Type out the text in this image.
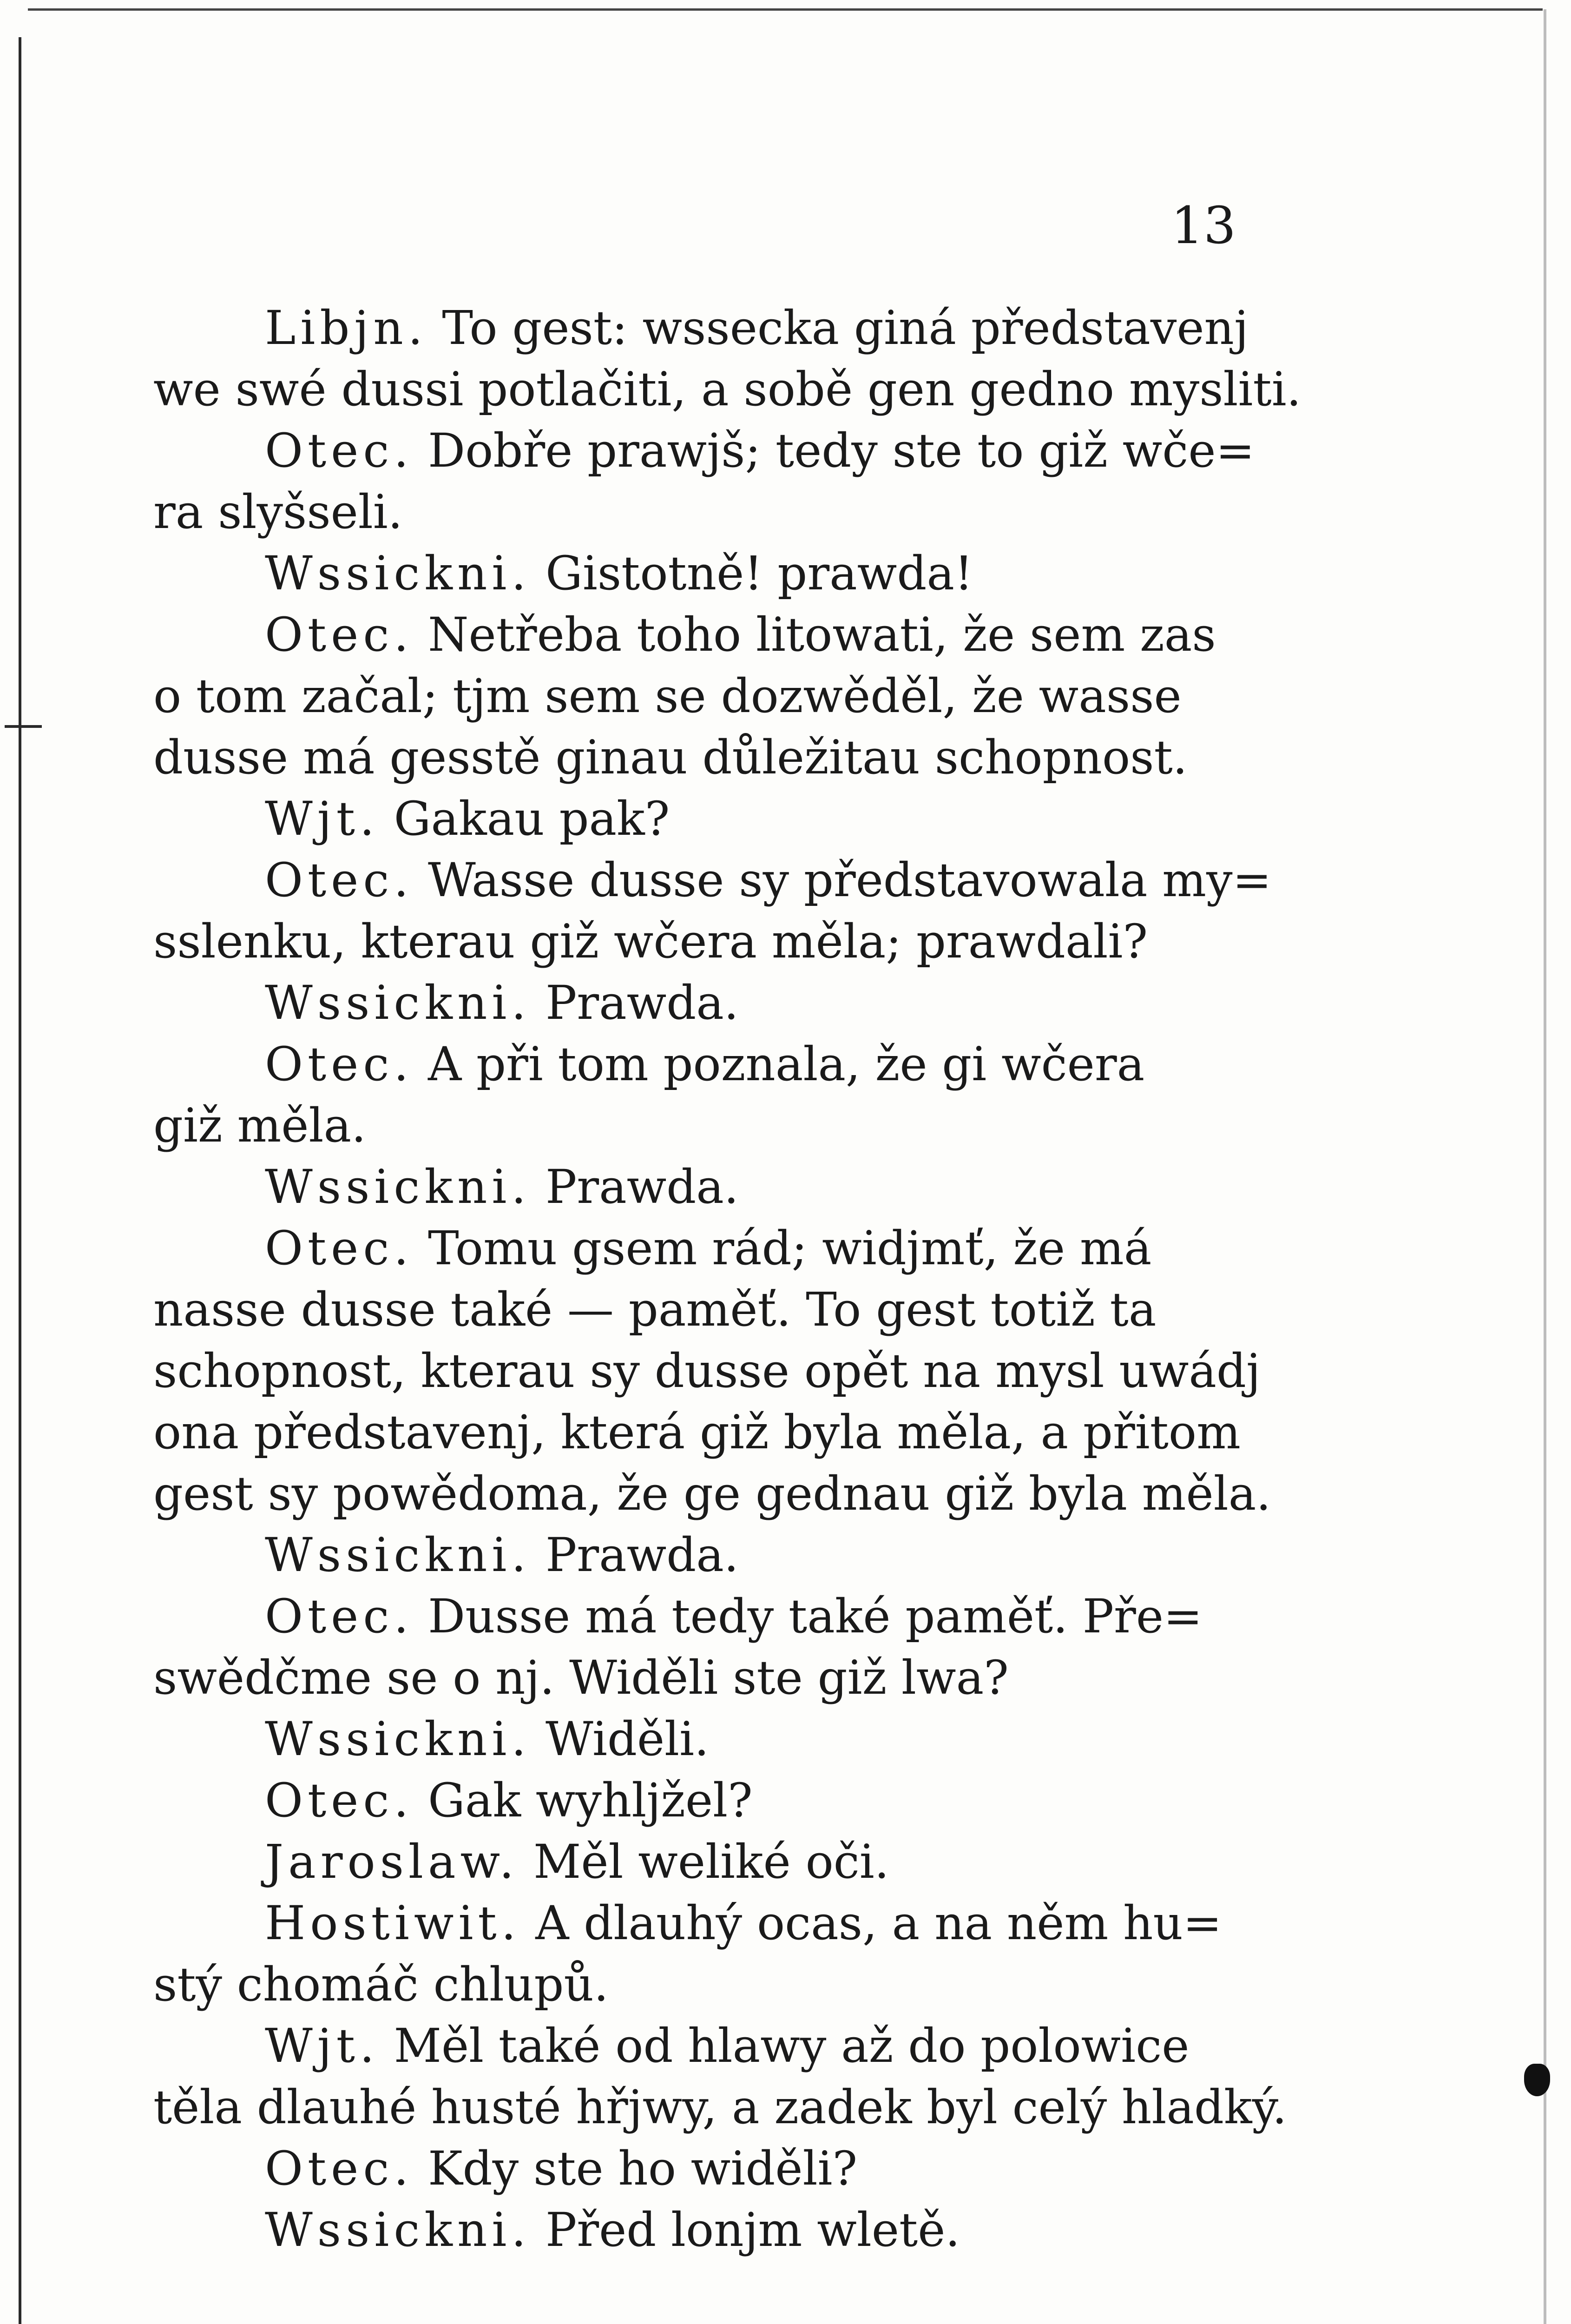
13
Libjn. To gest: wssecka giná představenj
we swé dussi potlačiti, a sobě gen gedno mysliti.
Otec. Dobře prawjš; tedy ste to giž wče=
ra slyšseli.
Wssickni. Gistotně! prawda!
Otec. Netřeba toho litowati, že sem zas
o tom začal; tjm sem se dozwěděl, že wasse
dusse má gesstě ginau důležitau schopnost.
Wjt. Gakau pak?
Otec. Wasse dusse sy představowala my=
sslenku, kterau giž wčera měla; prawdali?
Wssickni. Prawda.
Otec. A při tom poznala, že gi wčera
giž měla.
Wssickni. Prawda.
Otec. Tomu gsem rád; widjmť, že má
nasse dusse také — paměť. To gest totiž ta
schopnost, kterau sy dusse opět na mysl uwádj
ona představenj, která giž byla měla, a přitom
gest sy powědoma, že ge gednau giž byla měla.
Wssickni. Prawda.
Otec. Dusse má tedy také paměť. Pře=
swědčme se o nj. Widěli ste giž lwa?
Wssickni. Widěli.
Otec. Gak wyhljžel?
Jaroslaw. Měl weliké oči.
Hostiwit. A dlauhý ocas, a na něm hu=
stý chomáč chlupů.
Wjt. Měl také od hlawy až do polowice
těla dlauhé husté hřjwy, a zadek byl celý hladký.
Otec. Kdy ste ho widěli?
Wssickni. Před lonjm wletě.
